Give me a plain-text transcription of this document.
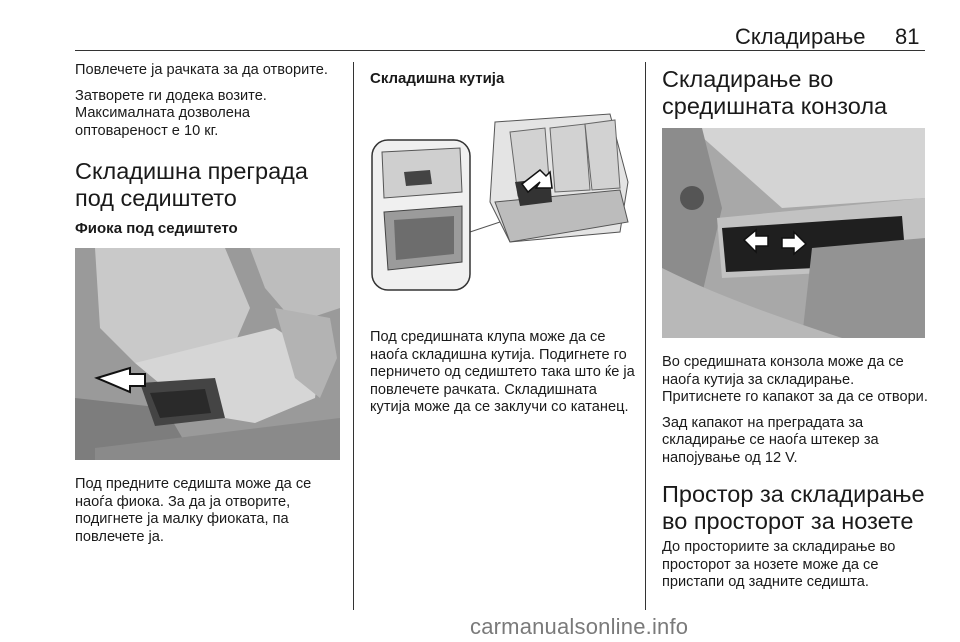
Складирање 81

Повлечете ја рачката за да отворите.

Затворете ги додека возите. Максималната дозволена оптовареност е 10 кг.

Складишна преграда под седиштето
Фиока под седиштето

Под предните седишта може да се наоѓа фиока. За да ја отворите, подигнете ја малку фиоката, па повлечете ја.

Складишна кутија

Под средишната клупа може да се наоѓа складишна кутија. Подигнете го перничето од седиштето така што ќе ја повлечете рачката. Складишната кутија може да се заклучи со катанец.

Складирање во средишната конзола

Во средишната конзола може да се наоѓа кутија за складирање. Притиснете го капакот за да се отвори.

Зад капакот на преградата за складирање се наоѓа штекер за напојување од 12 V.

Простор за складирање во просторот за нозете

До просториите за складирање во просторот за нозете може да се пристапи од задните седишта.

carmanualsonline.info
